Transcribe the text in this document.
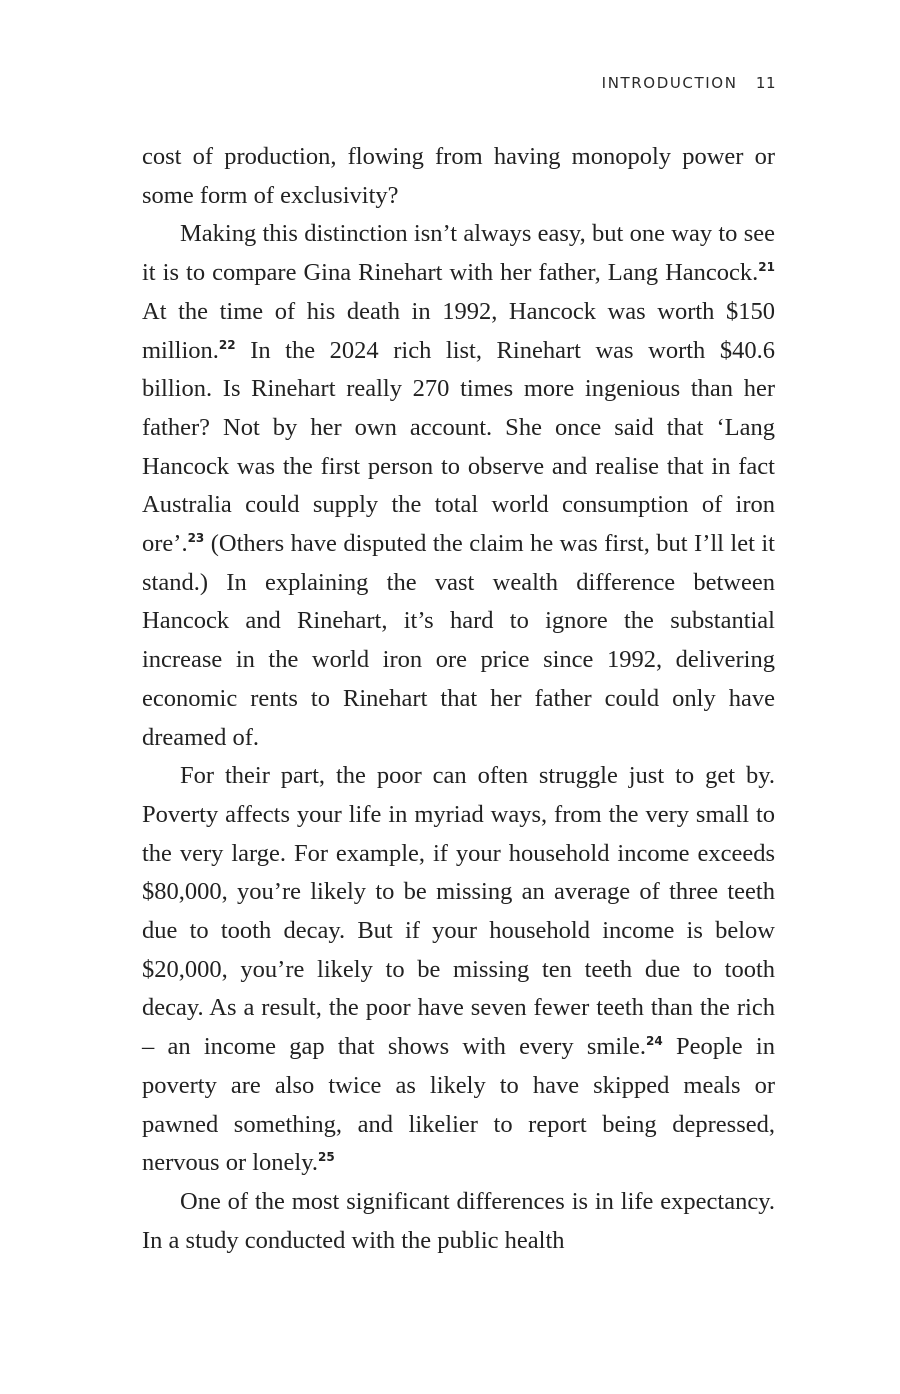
INTRODUCTION 11

cost of production, flowing from having monopoly power or some form of exclusivity?

Making this distinction isn’t always easy, but one way to see it is to compare Gina Rinehart with her father, Lang Hancock.$^{21}$ At the time of his death in 1992, Hancock was worth $150 million.$^{22}$ In the 2024 rich list, Rinehart was worth $40.6 billion. Is Rinehart really 270 times more ingenious than her father? Not by her own account. She once said that ‘Lang Hancock was the first person to observe and realise that in fact Australia could supply the total world consumption of iron ore’.$^{23}$ (Others have disputed the claim he was first, but I’ll let it stand.) In explaining the vast wealth difference between Hancock and Rinehart, it’s hard to ignore the substantial increase in the world iron ore price since 1992, delivering economic rents to Rinehart that her father could only have dreamed of.

For their part, the poor can often struggle just to get by. Poverty affects your life in myriad ways, from the very small to the very large. For example, if your household income exceeds $80,000, you’re likely to be missing an average of three teeth due to tooth decay. But if your household income is below $20,000, you’re likely to be missing ten teeth due to tooth decay. As a result, the poor have seven fewer teeth than the rich – an income gap that shows with every smile.$^{24}$ People in poverty are also twice as likely to have skipped meals or pawned something, and likelier to report being depressed, nervous or lonely.$^{25}$

One of the most significant differences is in life expectancy. In a study conducted with the public health
